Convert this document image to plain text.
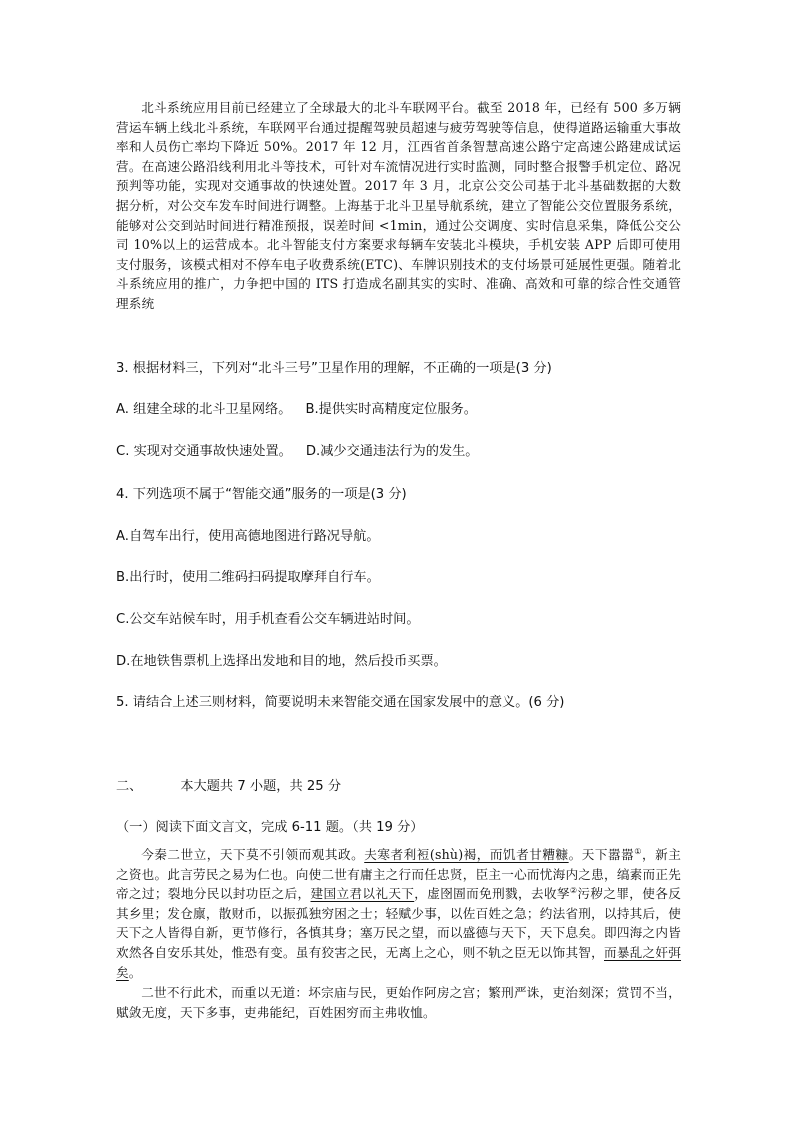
北斗系统应用目前已经建立了全球最大的北斗车联网平台。截至 2018 年，已经有 500 多万辆营运车辆上线北斗系统，车联网平台通过提醒驾驶员超速与疲劳驾驶等信息，使得道路运输重大事故率和人员伤亡率均下降近 50%。2017 年 12 月，江西省首条智慧高速公路宁定高速公路建成试运营。在高速公路沿线利用北斗等技术，可针对车流情况进行实时监测，同时整合报警手机定位、路况预判等功能，实现对交通事故的快速处置。2017 年 3 月，北京公交公司基于北斗基础数据的大数据分析，对公交车发车时间进行调整。上海基于北斗卫星导航系统，建立了智能公交位置服务系统，能够对公交到站时间进行精准预报，误差时间 <1min，通过公交调度、实时信息采集，降低公交公司 10%以上的运营成本。北斗智能支付方案要求每辆车安装北斗模块，手机安装 APP 后即可使用支付服务，该模式相对不停车电子收费系统(ETC)、车牌识别技术的支付场景可延展性更强。随着北斗系统应用的推广，力争把中国的 ITS 打造成名副其实的实时、准确、高效和可靠的综合性交通管理系统

3. 根据材料三，下列对“北斗三号”卫星作用的理解，不正确的一项是(3 分)

A. 组建全球的北斗卫星网络。 B.提供实时高精度定位服务。

C. 实现对交通事故快速处置。 D.减少交通违法行为的发生。

4. 下列选项不属于“智能交通”服务的一项是(3 分)

A.自驾车出行，使用高德地图进行路况导航。

B.出行时，使用二维码扫码提取摩拜自行车。

C.公交车站候车时，用手机查看公交车辆进站时间。

D.在地铁售票机上选择出发地和目的地，然后投币买票。

5. 请结合上述三则材料，简要说明未来智能交通在国家发展中的意义。(6 分)

二、	本大题共 7 小题，共 25 分

（一）阅读下面文言文，完成 6-11 题。（共 19 分）

今秦二世立，天下莫不引领而观其政。夫寒者利裋(shù)褐，而饥者甘糟糠。天下嚣嚣①，新主之资也。此言劳民之易为仁也。向使二世有庸主之行而任忠贤，臣主一心而忧海内之患，缟素而正先帝之过；裂地分民以封功臣之后，建国立君以礼天下，虚囹圄而免刑戮，去收孥②污秽之罪，使各反其乡里；发仓廪，散财币，以振孤独穷困之士；轻赋少事，以佐百姓之急；约法省刑，以持其后，使天下之人皆得自新，更节修行，各慎其身；塞万民之望，而以盛德与天下，天下息矣。即四海之内皆欢然各自安乐其处，惟恐有变。虽有狡害之民，无离上之心，则不轨之臣无以饰其智，而暴乱之奸弭矣。

二世不行此术，而重以无道：坏宗庙与民，更始作阿房之宫；繁刑严诛，吏治刻深；赏罚不当，赋敛无度，天下多事，吏弗能纪，百姓困穷而主弗收恤。
